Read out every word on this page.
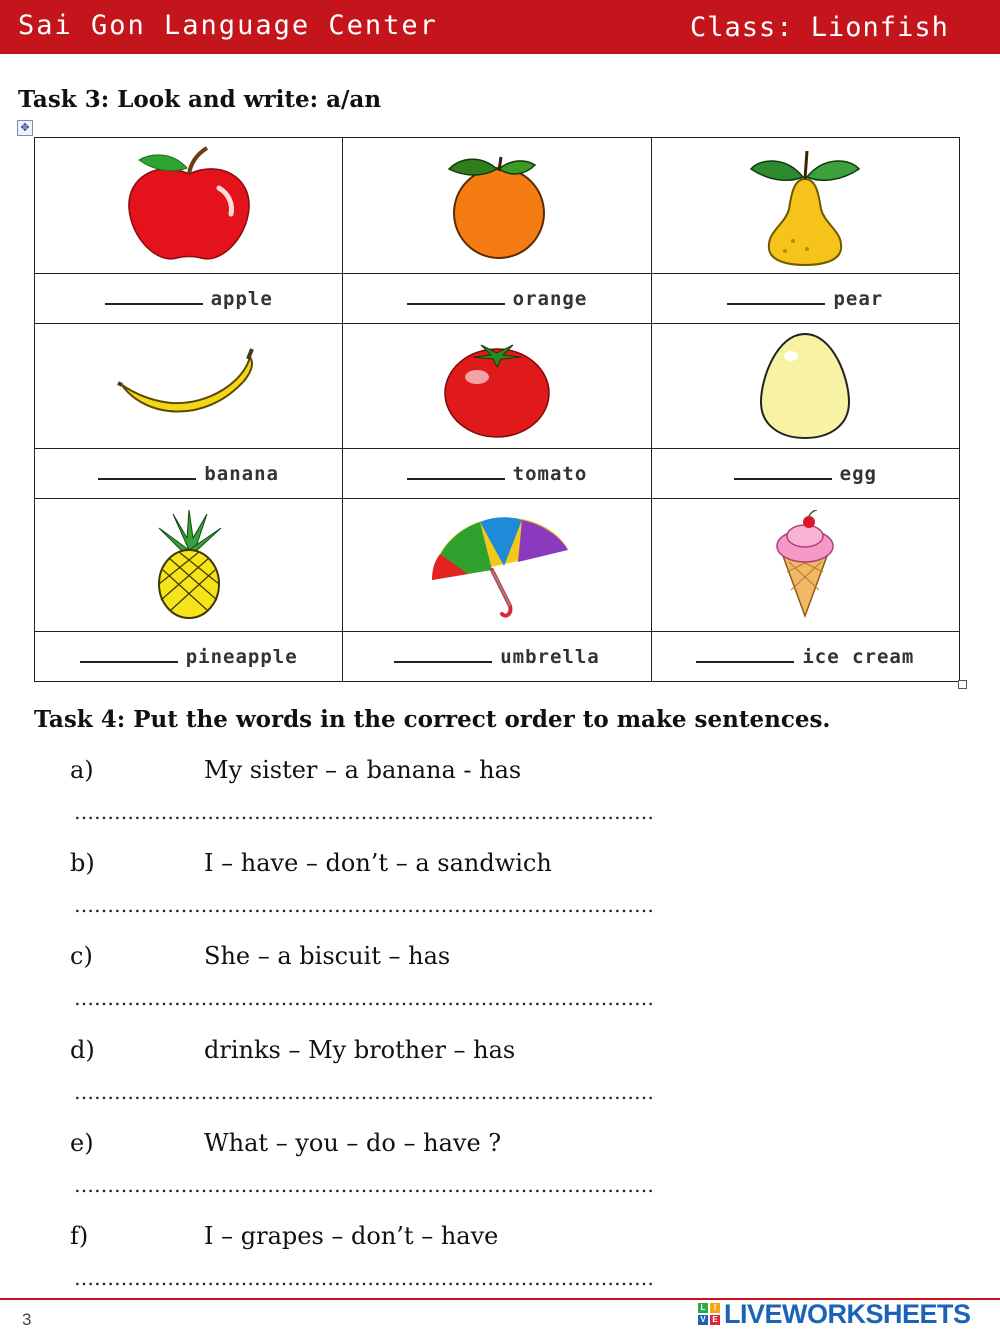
Sai Gon Language Center	Class: Lionfish
Task 3: Look and write: a/an
✥

apple	orange	pear

banana	tomato	egg

pineapple	umbrella	ice cream
Task 4: Put the words in the correct order to make sentences.
a)	My sister – a banana - has
……………………………………………………………………………
b)	I – have – don’t – a sandwich
……………………………………………………………………………
c)	She – a biscuit – has
……………………………………………………………………………
d)	drinks – My brother – has
……………………………………………………………………………
e)	What – you – do – have ?
……………………………………………………………………………
f)	I – grapes – don’t – have
……………………………………………………………………………
3
L	I
V E LIVEWORKSHEETS
